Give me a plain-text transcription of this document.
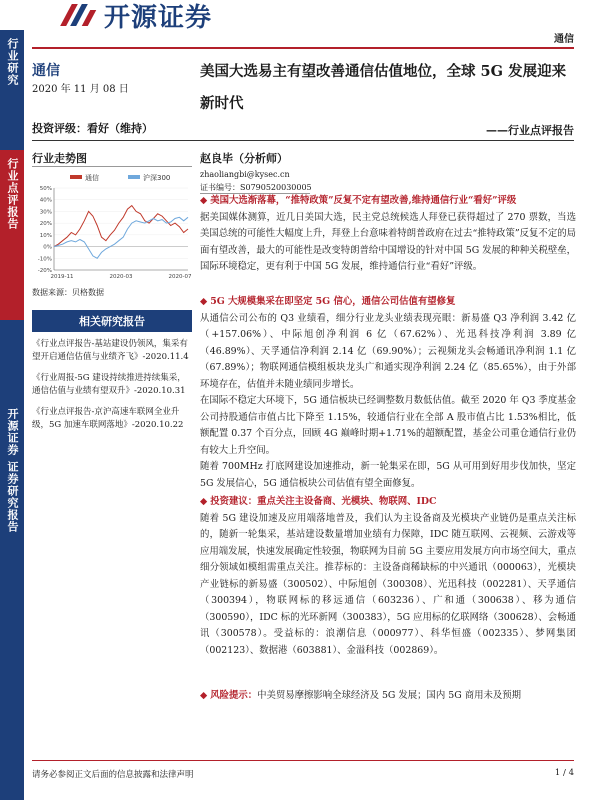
开源证券
通信
行业研究
行业点评报告
开源证券 证券研究报告
通信
2020 年 11 月 08 日
投资评级：看好（维持）
行业走势图
通信	沪深300
-20%
-10%
0%
10%
20%
30%
40%
50%
2019-11	2020-03	2020-07
数据来源：贝格数据
相关研究报告
《行业点评报告-基站建设仍领风，集采有望开启通信估值与业绩齐飞》-2020.11.4
《行业周报-5G 建设持续推进持续集采，通信估值与业绩有望双升》-2020.10.31
《行业点评报告-京沪高速车联网全业升级，5G 加速车联网落地》-2020.10.22
美国大选易主有望改善通信估值地位，全球 5G 发展迎来新时代
——行业点评报告
赵良毕（分析师）
zhaoliangbi@kysec.cn
证书编号：S0790520030005
◆ 美国大选渐落幕，“推特政策”反复不定有望改善,维持通信行业“看好”评级
据美国媒体测算，近几日美国大选，民主党总统候选人拜登已获得超过了 270 票数，当选美国总统的可能性大幅度上升，拜登上台意味着特朗普政府在过去“推特政策”反复不定的局面有望改善，最大的可能性是改变特朗普给中国增设的针对中国 5G 发展的种种关税壁垒，国际环境稳定，更有利于中国 5G 发展，维持通信行业“看好”评级。
◆ 5G 大规模集采在即坚定 5G 信心，通信公司估值有望修复
从通信公司公布的 Q3 业绩看，细分行业龙头业绩表现亮眼：新易盛 Q3 净利润 3.42 亿（+157.06%）、中际旭创净利润 6 亿（67.62%）、光迅科技净利润 3.89 亿（46.89%）、天孚通信净利润 2.14 亿（69.90%）；云视频龙头会畅通讯净利润 1.1 亿（67.89%）；物联网通信模组板块龙头广和通实现净利润 2.24 亿（85.65%），由于外部环境存在，估值并未随业绩同步增长。
在国际不稳定大环境下，5G 通信板块已经调整数月数低估值。截至 2020 年 Q3 季度基金公司持股通信市值占比下降至 1.15%，较通信行业在全部 A 股市值占比 1.53%相比，低额配置 0.37 个百分点，回顾 4G 巅峰时期+1.71%的超额配置，基金公司重仓通信行业仍有较大上升空间。
随着 700MHz 打底网建设加速推动，新一轮集采在即，5G 从可用到好用步伐加快，坚定 5G 发展信心，5G 通信板块公司估值有望全面修复。
◆ 投资建议：重点关注主设备商、光模块、物联网、IDC
随着 5G 建设加速及应用端落地普及，我们认为主设备商及光模块产业链仍是重点关注标的，随新一轮集采，基站建设数量增加业绩有力保障，IDC 随互联网、云视频、云游戏等应用端发展，快速发展确定性较强，物联网为目前 5G 主要应用发展方向市场空间大，重点细分领域如模组需重点关注。推荐标的：主设备商稀缺标的中兴通讯（000063），光模块产业链标的新易盛（300502）、中际旭创（300308）、光迅科技（002281）、天孚通信（300394），物联网标的移远通信（603236）、广和通（300638）、移为通信（300590），IDC 标的光环新网（300383），5G 应用标的亿联网络（300628）、会畅通讯（300578）。受益标的：浪潮信息（000977）、科华恒盛（002335）、梦网集团（002123）、数据港（603881）、金溢科技（002869）。
◆ 风险提示：中美贸易摩擦影响全球经济及 5G 发展；国内 5G 商用未及预期
请务必参阅正文后面的信息披露和法律声明	1 / 4
